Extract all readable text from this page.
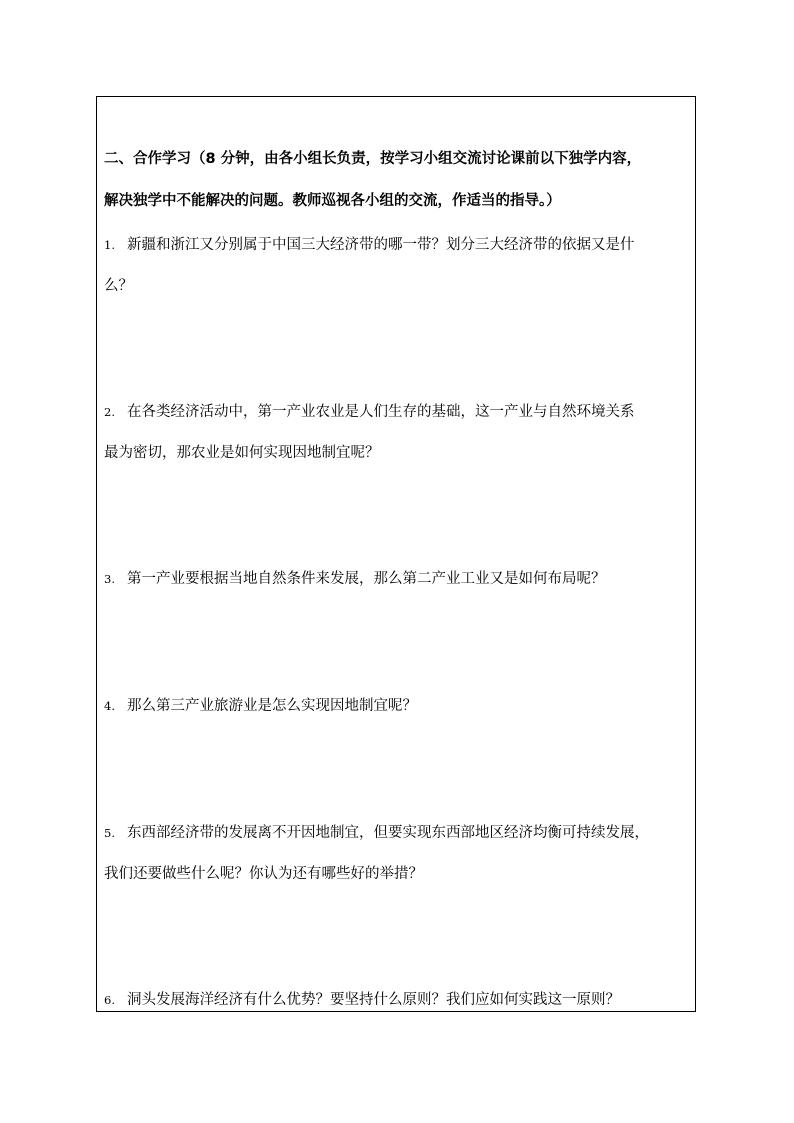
二、合作学习（8 分钟，由各小组长负责，按学习小组交流讨论课前以下独学内容，
解决独学中不能解决的问题。教师巡视各小组的交流，作适当的指导。）
1. 新疆和浙江又分别属于中国三大经济带的哪一带？划分三大经济带的依据又是什
么？
2. 在各类经济活动中，第一产业农业是人们生存的基础，这一产业与自然环境关系
最为密切，那农业是如何实现因地制宜呢？
3. 第一产业要根据当地自然条件来发展，那么第二产业工业又是如何布局呢？
4. 那么第三产业旅游业是怎么实现因地制宜呢？
5. 东西部经济带的发展离不开因地制宜，但要实现东西部地区经济均衡可持续发展，
我们还要做些什么呢？你认为还有哪些好的举措？
6. 洞头发展海洋经济有什么优势？要坚持什么原则？我们应如何实践这一原则？
